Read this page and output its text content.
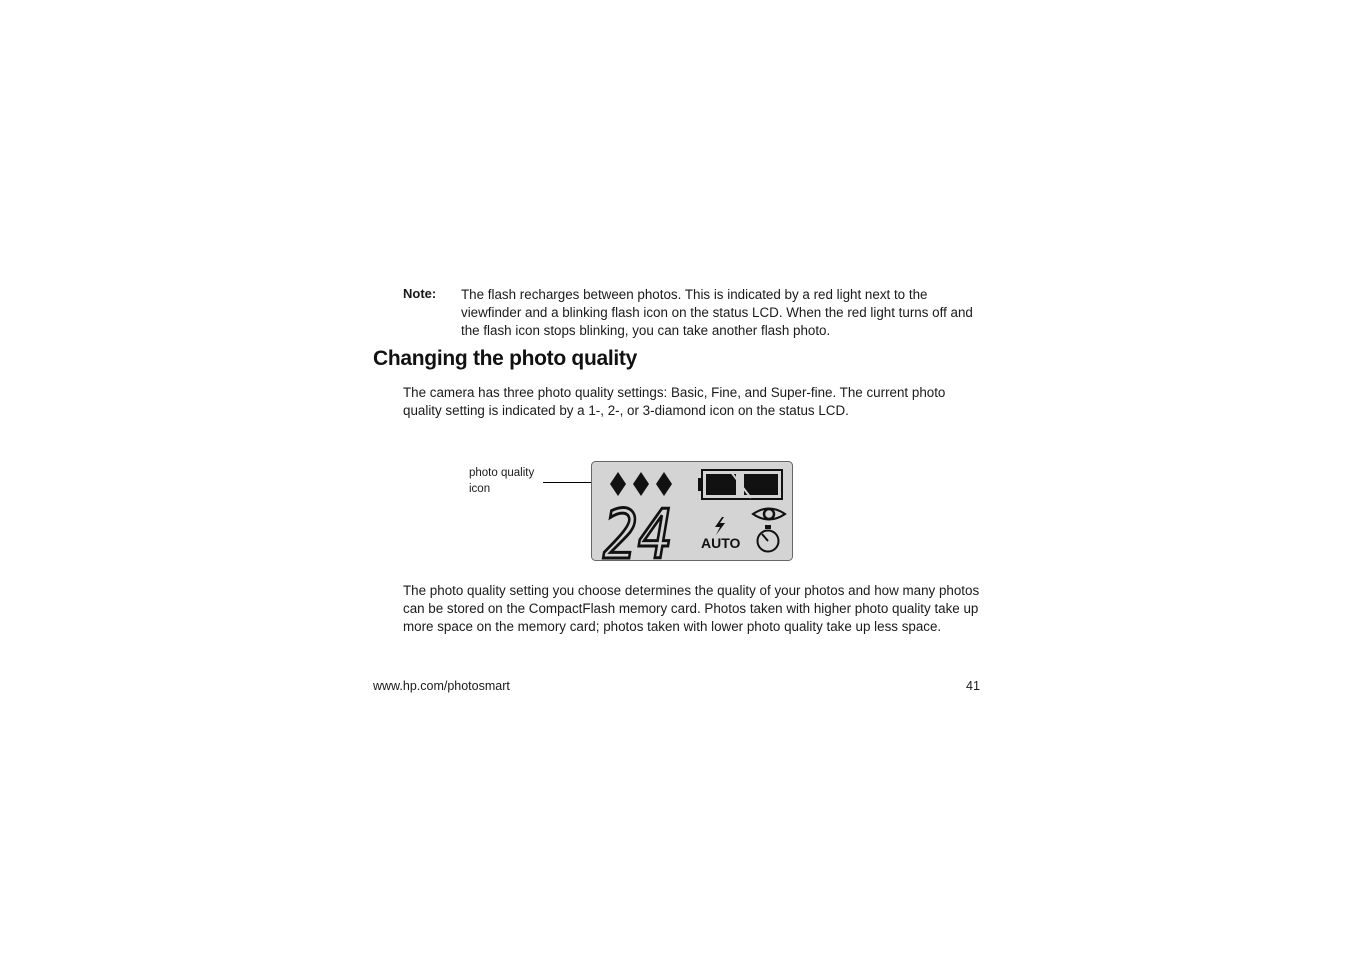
Note: The flash recharges between photos. This is indicated by a red light next to the viewfinder and a blinking flash icon on the status LCD. When the red light turns off and the flash icon stops blinking, you can take another flash photo.
Changing the photo quality

The camera has three photo quality settings: Basic, Fine, and Super-fine. The current photo quality setting is indicated by a 1-, 2-, or 3-diamond icon on the status LCD.

photo quality icon
24 AUTO

The photo quality setting you choose determines the quality of your photos and how many photos can be stored on the CompactFlash memory card. Photos taken with higher photo quality take up more space on the memory card; photos taken with lower photo quality take up less space.

www.hp.com/photosmart	41
